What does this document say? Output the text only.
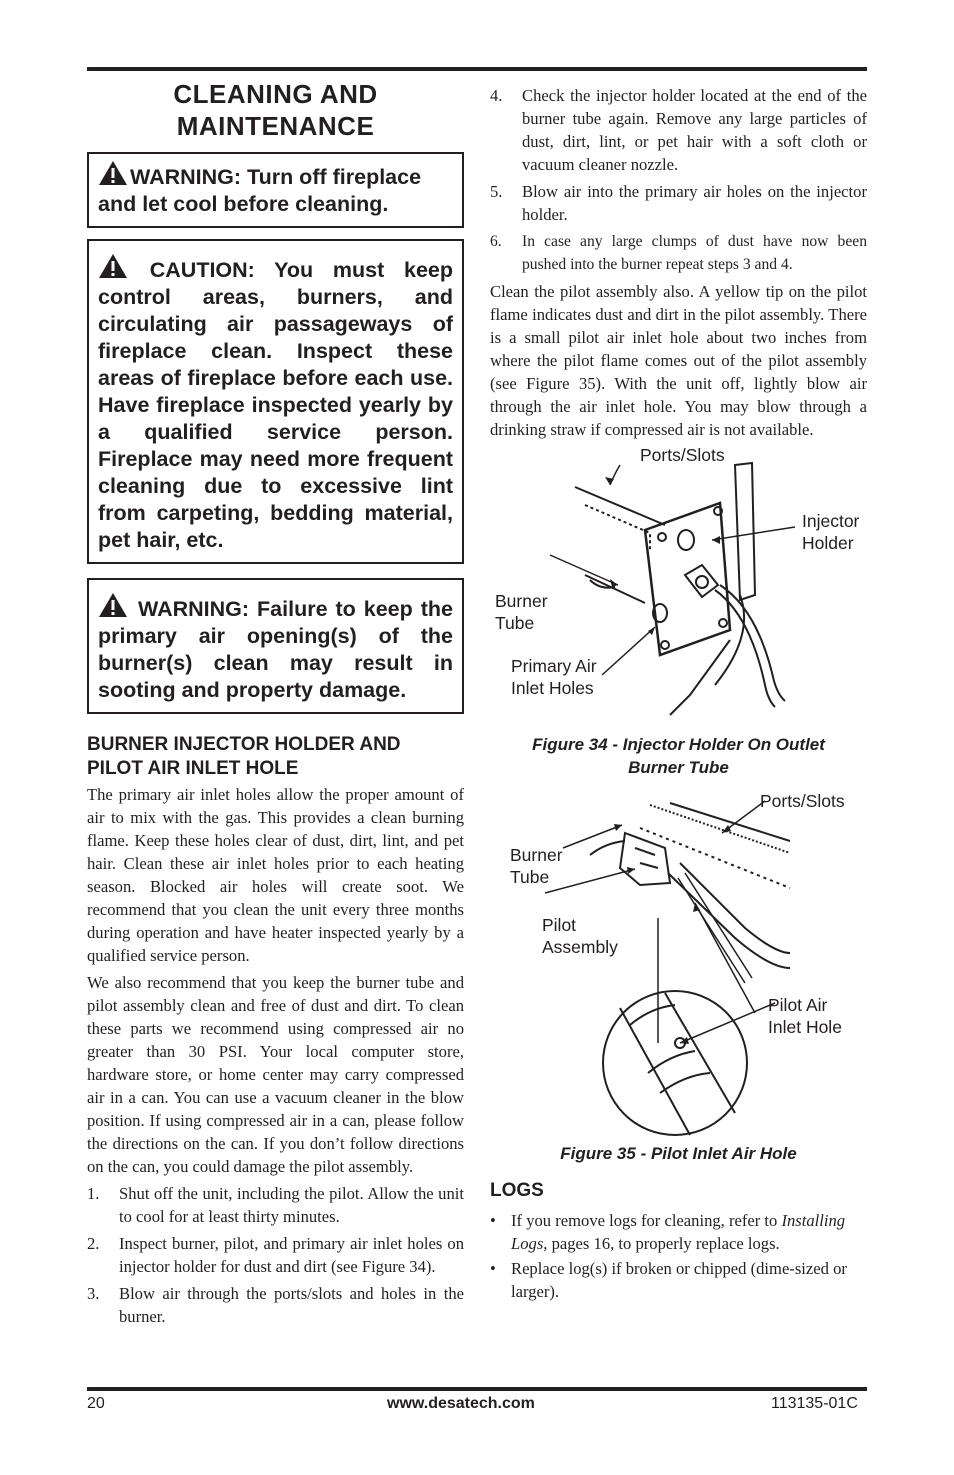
CLEANING AND
MAINTENANCE
WARNING: Turn off fireplace and let cool before cleaning.
CAUTION: You must keep control areas, burners, and circulating air passageways of fireplace clean. Inspect these areas of fireplace before each use. Have fireplace inspected yearly by a qualified service person. Fireplace may need more frequent cleaning due to excessive lint from carpeting, bedding material, pet hair, etc.
WARNING: Failure to keep the primary air opening(s) of the burner(s) clean may result in sooting and property damage.
BURNER INJECTOR HOLDER AND
PILOT AIR INLET HOLE

The primary air inlet holes allow the proper amount of air to mix with the gas. This provides a clean burning flame. Keep these holes clear of dust, dirt, lint, and pet hair. Clean these air inlet holes prior to each heating season. Blocked air holes will create soot. We recommend that you clean the unit every three months during operation and have heater inspected yearly by a qualified service person.

We also recommend that you keep the burner tube and pilot assembly clean and free of dust and dirt. To clean these parts we recommend using compressed air no greater than 30 PSI. Your local computer store, hardware store, or home center may carry compressed air in a can. You can use a vacuum cleaner in the blow position. If using compressed air in a can, please follow the directions on the can. If you don’t follow directions on the can, you could damage the pilot assembly.

1. Shut off the unit, including the pilot. Allow the unit to cool for at least thirty minutes.
2. Inspect burner, pilot, and primary air inlet holes on injector holder for dust and dirt (see Figure 34).
3. Blow air through the ports/slots and holes in the burner.
4. Check the injector holder located at the end of the burner tube again. Remove any large particles of dust, dirt, lint, or pet hair with a soft cloth or vacuum cleaner nozzle.
5. Blow air into the primary air holes on the injector holder.
6. In case any large clumps of dust have now been pushed into the burner repeat steps 3 and 4.

Clean the pilot assembly also. A yellow tip on the pilot flame indicates dust and dirt in the pilot assembly. There is a small pilot air inlet hole about two inches from where the pilot flame comes out of the pilot assembly (see Figure 35). With the unit off, lightly blow air through the air inlet hole. You may blow through a drinking straw if compressed air is not available.

Ports/Slots
Injector
Holder
Burner
Tube
Primary Air
Inlet Holes
Figure 34 - Injector Holder On Outlet
Burner Tube
Ports/Slots
Burner
Tube
Pilot
Assembly
Pilot Air
Inlet Hole
Figure 35 - Pilot Inlet Air Hole
LOGS
• If you remove logs for cleaning, refer to Installing Logs, pages 16, to properly replace logs.
• Replace log(s) if broken or chipped (dime-sized or larger).
20	www.desatech.com	113135-01C
